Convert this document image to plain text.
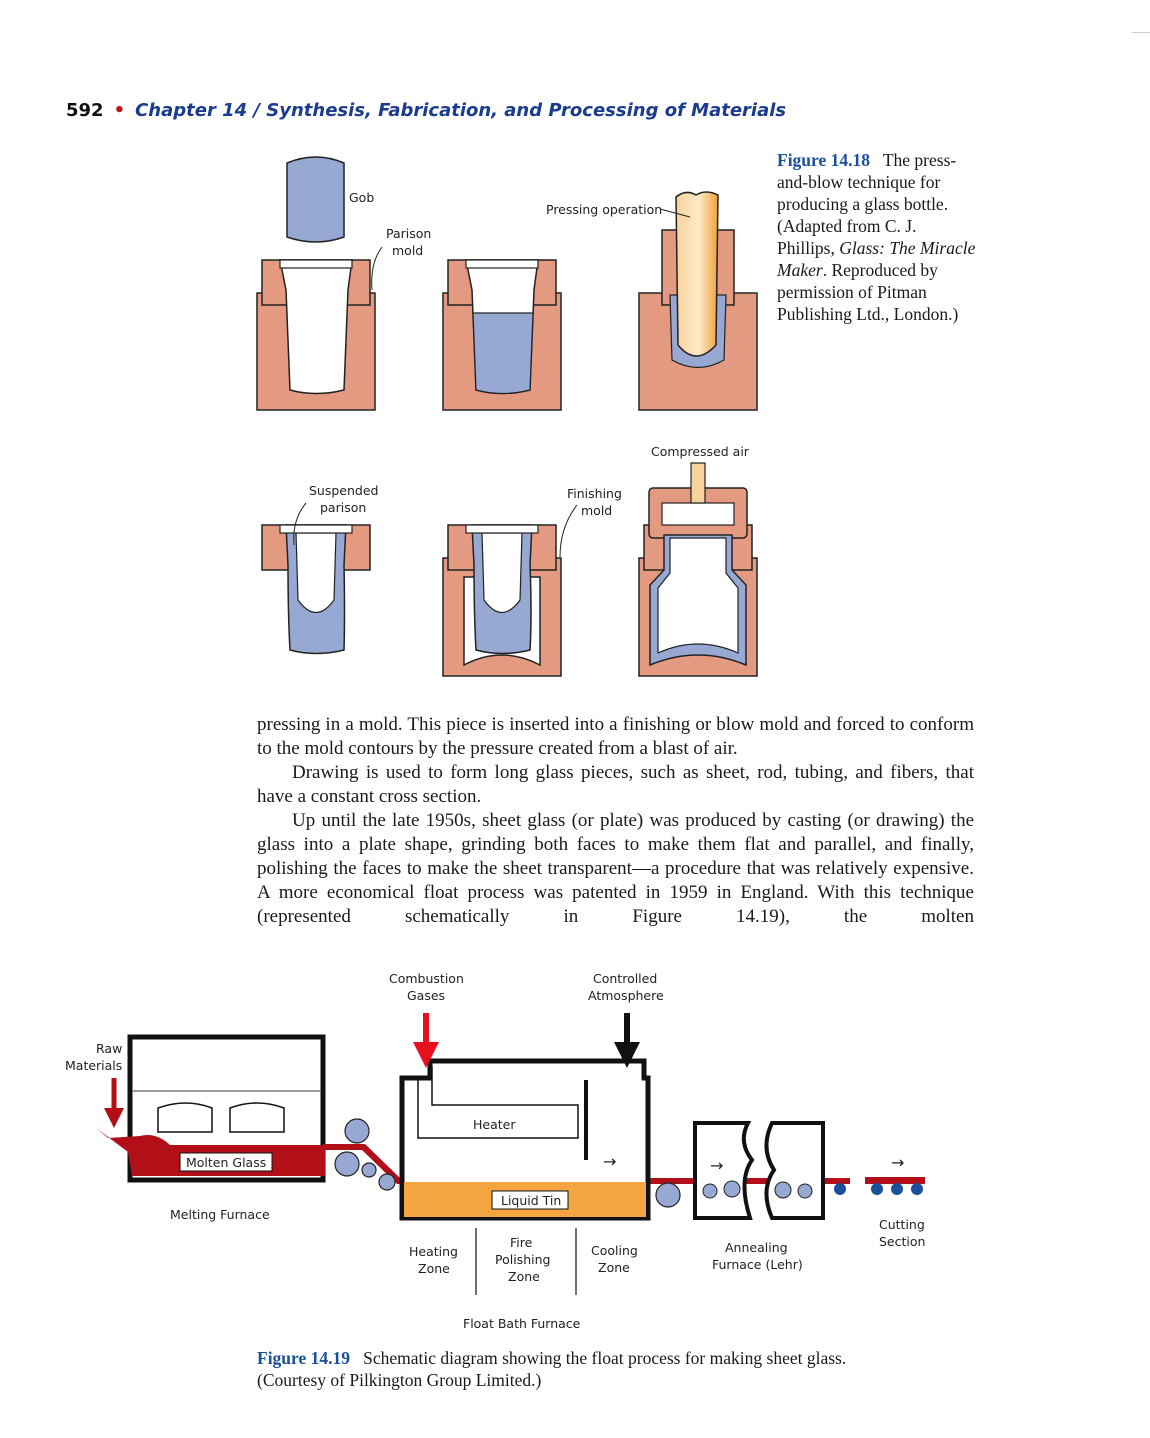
592 • Chapter 14 / Synthesis, Fabrication, and Processing of Materials
Gob
Parison
mold
Pressing operation
Suspended
parison
Finishing
mold
Compressed air
Figure 14.18 The press-and-blow technique for producing a glass bottle. (Adapted from C. J. Phillips, Glass: The Miracle Maker. Reproduced by permission of Pitman Publishing Ltd., London.)

pressing in a mold. This piece is inserted into a finishing or blow mold and forced to conform to the mold contours by the pressure created from a blast of air.

Drawing is used to form long glass pieces, such as sheet, rod, tubing, and fibers, that have a constant cross section.

Up until the late 1950s, sheet glass (or plate) was produced by casting (or drawing) the glass into a plate shape, grinding both faces to make them flat and parallel, and finally, polishing the faces to make the sheet transparent—a procedure that was relatively expensive. A more economical float process was patented in 1959 in England. With this technique (represented schematically in Figure 14.19), the molten

Combustion
Gases
Controlled
Atmosphere
Raw
Materials
Molten Glass
Melting Furnace
Liquid Tin
Heater
→
Heating
Zone
Fire
Polishing
Zone
Cooling
Zone
Float Bath Furnace
→
Annealing
Furnace (Lehr)
→
Cutting
Section
Figure 14.19 Schematic diagram showing the float process for making sheet glass.
(Courtesy of Pilkington Group Limited.)
